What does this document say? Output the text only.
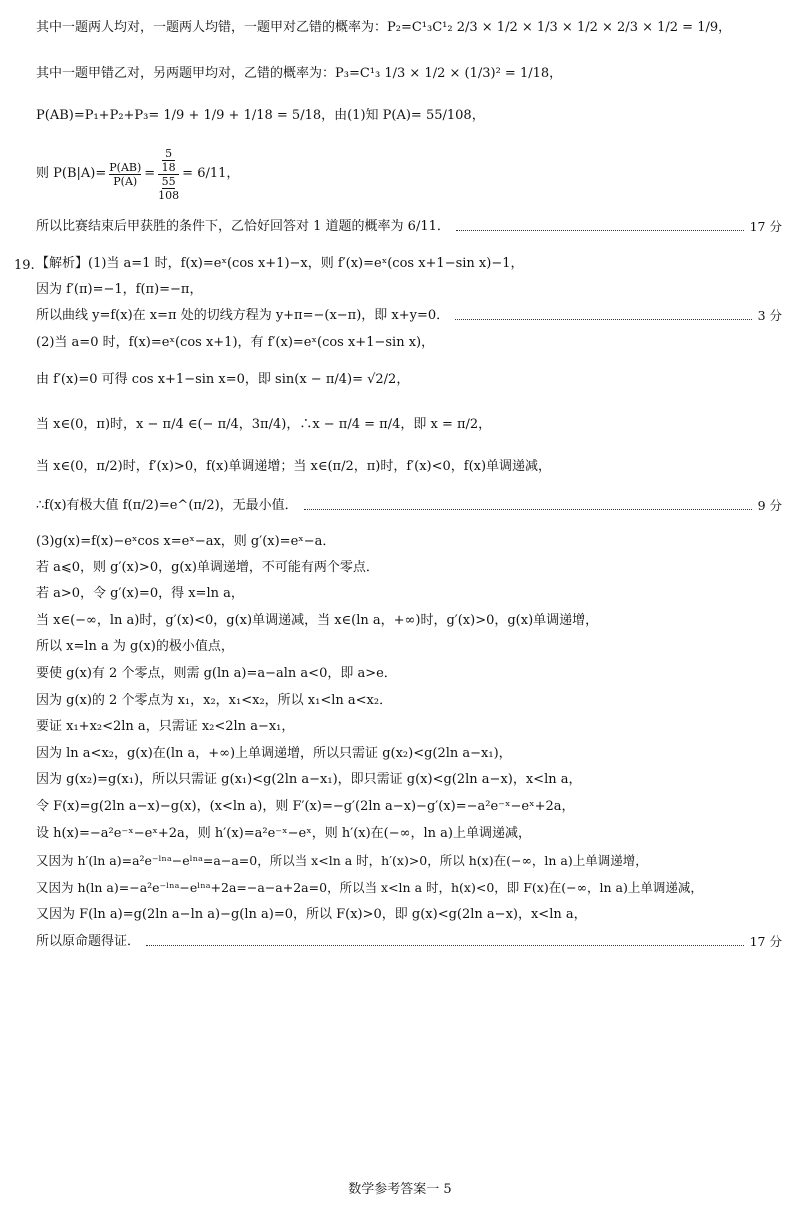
其中一题两人均对，一题两人均错，一题甲对乙错的概率为：P₂=C¹₃C¹₂ 2/3 × 1/2 × 1/3 × 1/2 × 2/3 × 1/2 = 1/9，
其中一题甲错乙对，另两题甲均对，乙错的概率为：P₃=C¹₃ 1/3 × 1/2 × (1/3)² = 1/18，
P(AB)=P₁+P₂+P₃= 1/9 + 1/9 + 1/18 = 5/18，由(1)知 P(A)= 55/108，
则 P(B|A)= P(AB)
P(A) =
5
18
55
108
= 6/11，
所以比赛结束后甲获胜的条件下，乙恰好回答对 1 道题的概率为 6/11．	17 分
19. 【解析】(1)当 a=1 时，f(x)=eˣ(cos x+1)−x，则 f′(x)=eˣ(cos x+1−sin x)−1，
因为 f′(π)=−1，f(π)=−π，
所以曲线 y=f(x)在 x=π 处的切线方程为 y+π=−(x−π)，即 x+y=0．	3 分
(2)当 a=0 时，f(x)=eˣ(cos x+1)，有 f′(x)=eˣ(cos x+1−sin x)，
由 f′(x)=0 可得 cos x+1−sin x=0，即 sin(x − π/4)= √2/2，
当 x∈(0，π)时，x − π/4 ∈(− π/4，3π/4)，∴x − π/4 = π/4，即 x = π/2，
当 x∈(0，π/2)时，f′(x)>0，f(x)单调递增；当 x∈(π/2，π)时，f′(x)<0，f(x)单调递减，
∴f(x)有极大值 f(π/2)=e^(π/2)，无最小值．	9 分
(3)g(x)=f(x)−eˣcos x=eˣ−ax，则 g′(x)=eˣ−a．
若 a⩽0，则 g′(x)>0，g(x)单调递增，不可能有两个零点．
若 a>0，令 g′(x)=0，得 x=ln a，
当 x∈(−∞，ln a)时，g′(x)<0，g(x)单调递减，当 x∈(ln a，+∞)时，g′(x)>0，g(x)单调递增，
所以 x=ln a 为 g(x)的极小值点，
要使 g(x)有 2 个零点，则需 g(ln a)=a−aln a<0，即 a>e．
因为 g(x)的 2 个零点为 x₁，x₂，x₁<x₂，所以 x₁<ln a<x₂．
要证 x₁+x₂<2ln a，只需证 x₂<2ln a−x₁，
因为 ln a<x₂，g(x)在(ln a，+∞)上单调递增，所以只需证 g(x₂)<g(2ln a−x₁)，
因为 g(x₂)=g(x₁)，所以只需证 g(x₁)<g(2ln a−x₁)，即只需证 g(x)<g(2ln a−x)，x<ln a，
令 F(x)=g(2ln a−x)−g(x)，(x<ln a)，则 F′(x)=−g′(2ln a−x)−g′(x)=−a²e⁻ˣ−eˣ+2a，
设 h(x)=−a²e⁻ˣ−eˣ+2a，则 h′(x)=a²e⁻ˣ−eˣ，则 h′(x)在(−∞，ln a)上单调递减，
又因为 h′(ln a)=a²e⁻ˡⁿᵃ−eˡⁿᵃ=a−a=0，所以当 x<ln a 时，h′(x)>0，所以 h(x)在(−∞，ln a)上单调递增，
又因为 h(ln a)=−a²e⁻ˡⁿᵃ−eˡⁿᵃ+2a=−a−a+2a=0，所以当 x<ln a 时，h(x)<0，即 F(x)在(−∞，ln a)上单调递减，
又因为 F(ln a)=g(2ln a−ln a)−g(ln a)=0，所以 F(x)>0，即 g(x)<g(2ln a−x)，x<ln a，
所以原命题得证．	17 分
数学参考答案一 5
